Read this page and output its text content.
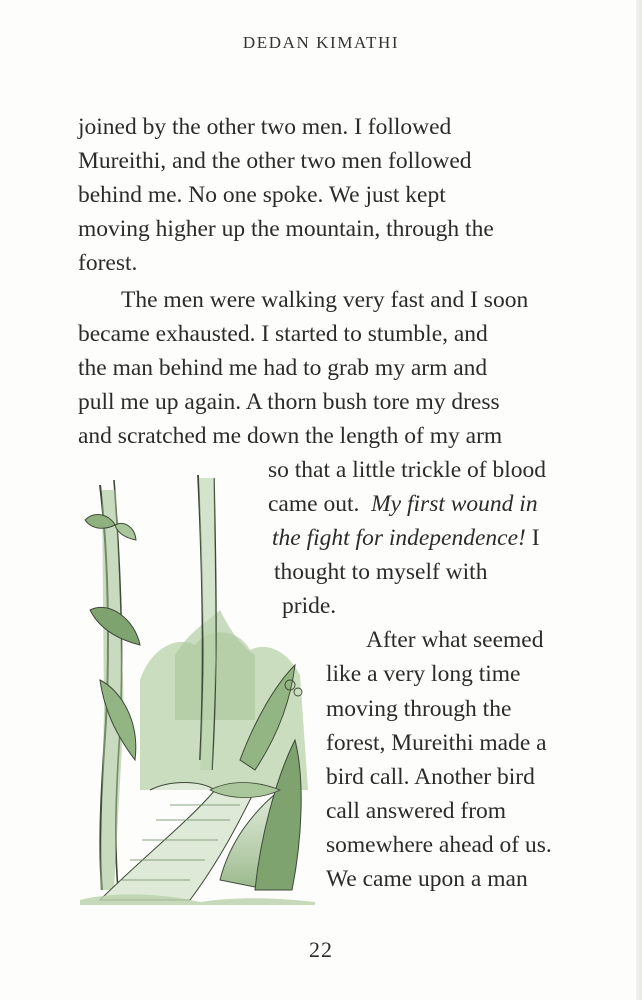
DEDAN KIMATHI
joined by the other two men. I followed
Mureithi, and the other two men followed
behind me. No one spoke. We just kept
moving higher up the mountain, through the
forest.
The men were walking very fast and I soon
became exhausted. I started to stumble, and
the man behind me had to grab my arm and
pull me up again. A thorn bush tore my dress
and scratched me down the length of my arm
so that a little trickle of blood
came out. My first wound in
the fight for independence! I
thought to myself with
pride.
After what seemed
like a very long time
moving through the
forest, Mureithi made a
bird call. Another bird
call answered from
somewhere ahead of us.
We came upon a man
22
